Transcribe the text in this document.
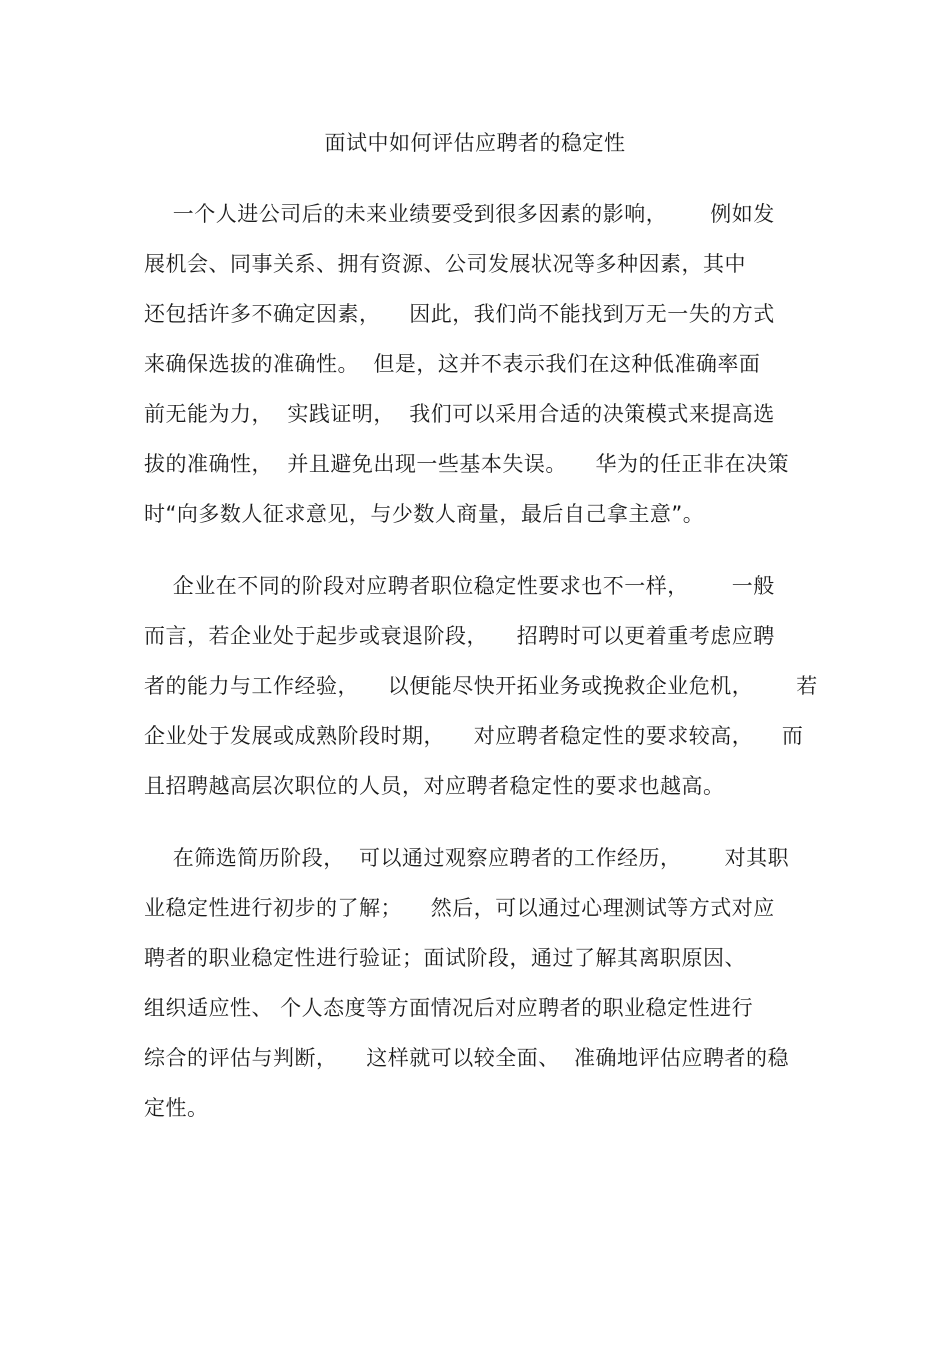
面试中如何评估应聘者的稳定性
一个人进公司后的未来业绩要受到很多因素的影响，      例如发
展机会、同事关系、拥有资源、公司发展状况等多种因素，其中
还包括许多不确定因素，    因此，我们尚不能找到万无一失的方式
来确保选拔的准确性。  但是，这并不表示我们在这种低准确率面
前无能为力，  实践证明，  我们可以采用合适的决策模式来提高选
拔的准确性，  并且避免出现一些基本失误。    华为的任正非在决策
时“向多数人征求意见，与少数人商量，最后自己拿主意”。
企业在不同的阶段对应聘者职位稳定性要求也不一样，      一般
而言，若企业处于起步或衰退阶段，    招聘时可以更着重考虑应聘
者的能力与工作经验，    以便能尽快开拓业务或挽救企业危机，      若
企业处于发展或成熟阶段时期，    对应聘者稳定性的要求较高，    而
且招聘越高层次职位的人员，对应聘者稳定性的要求也越高。
在筛选简历阶段，  可以通过观察应聘者的工作经历，      对其职
业稳定性进行初步的了解；    然后，可以通过心理测试等方式对应
聘者的职业稳定性进行验证；面试阶段，通过了解其离职原因、
组织适应性、 个人态度等方面情况后对应聘者的职业稳定性进行
综合的评估与判断，    这样就可以较全面、  准确地评估应聘者的稳
定性。
